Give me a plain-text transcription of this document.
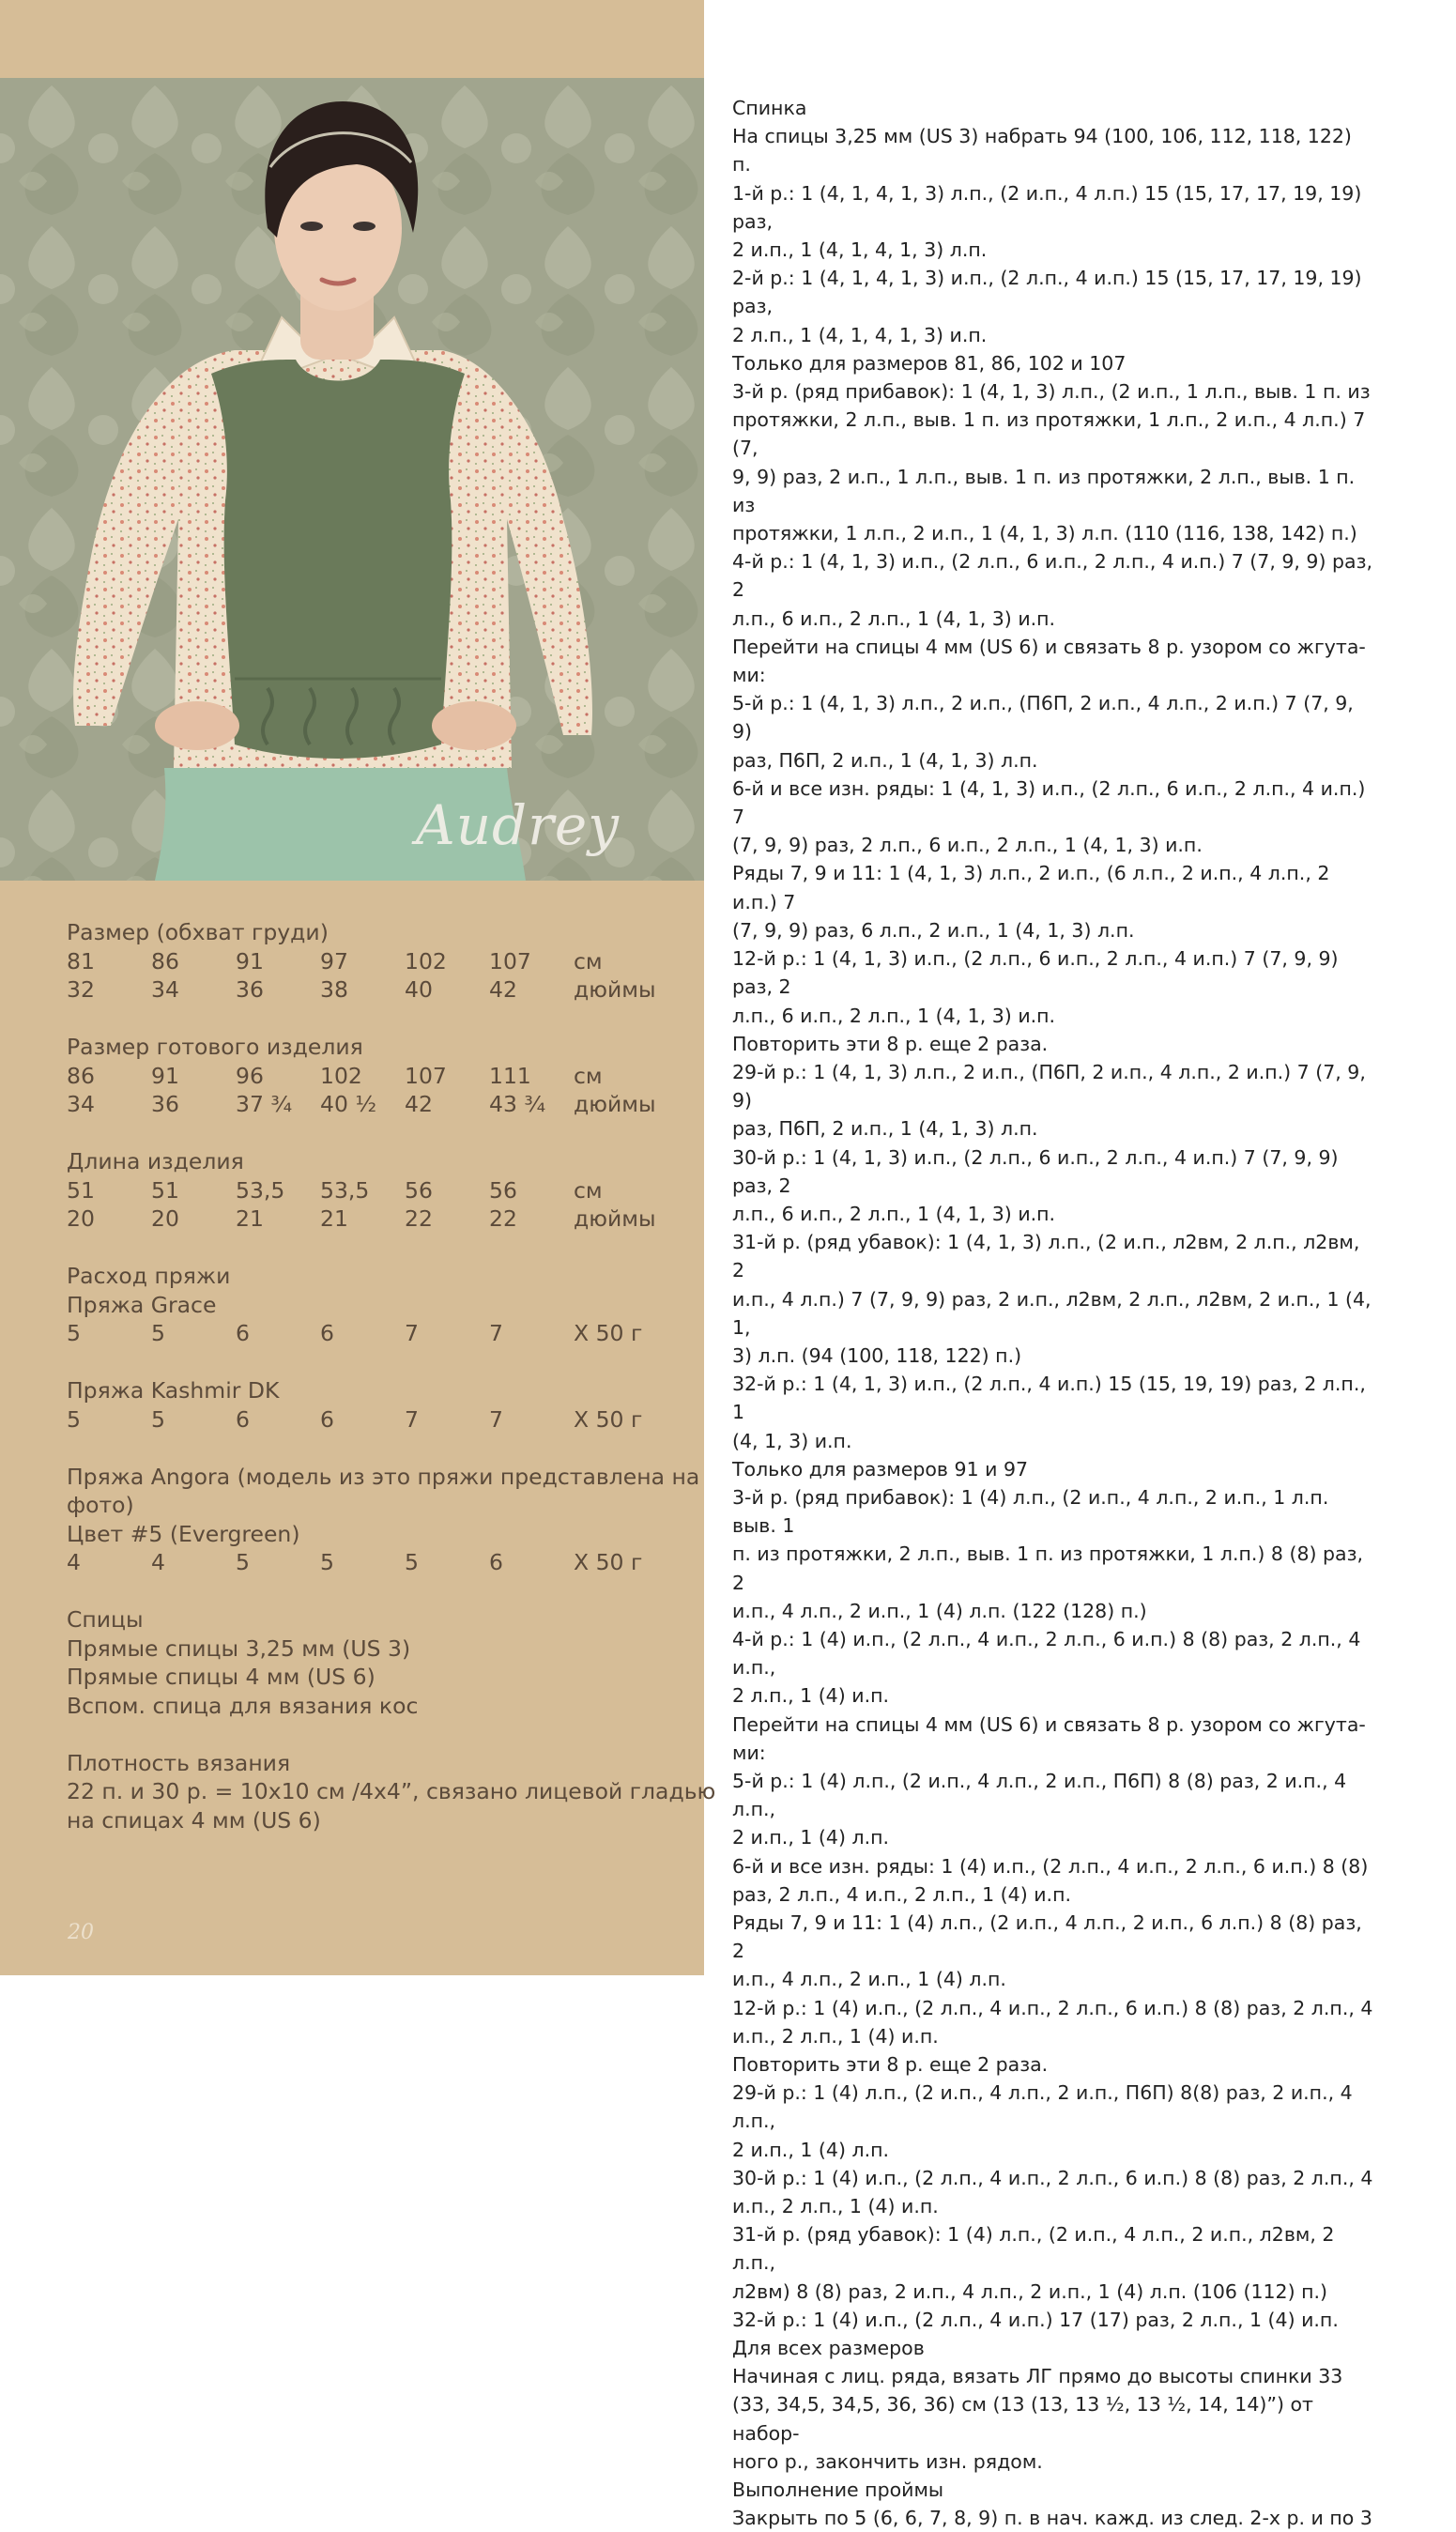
Audrey
Размер (обхват груди)
81	86	91	97	102 107 см
32	34	36	38	40	42	дюймы
Размер готового изделия
86	91	96	102 107 111 см
34	36	37 ¾ 40 ½ 42	43 ¾ дюймы
Длина изделия
51	51	53,5 53,5 56	56	см
20	20	21	21	22	22	дюймы
Расход пряжи
Пряжа Grace
5	5	6	6	7	7	X 50 г
Пряжа Kashmir DK
5	5	6	6	7	7	X 50 г
Пряжа Angora (модель из это пряжи представлена на
фото)
Цвет #5 (Evergreen)
4	4	5	5	5	6	X 50 г
Спицы
Прямые спицы 3,25 мм (US 3)
Прямые спицы 4 мм (US 6)
Вспом. спица для вязания кос
Плотность вязания
22 п. и 30 р. = 10x10 см /4x4”, связано лицевой гладью
на спицах 4 мм (US 6)
20

Спинка

На спицы 3,25 мм (US 3) набрать 94 (100, 106, 112, 118, 122) п.

1-й р.: 1 (4, 1, 4, 1, 3) л.п., (2 и.п., 4 л.п.) 15 (15, 17, 17, 19, 19) раз,

2 и.п., 1 (4, 1, 4, 1, 3) л.п.

2-й р.: 1 (4, 1, 4, 1, 3) и.п., (2 л.п., 4 и.п.) 15 (15, 17, 17, 19, 19) раз,

2 л.п., 1 (4, 1, 4, 1, 3) и.п.

Только для размеров 81, 86, 102 и 107

3-й р. (ряд прибавок): 1 (4, 1, 3) л.п., (2 и.п., 1 л.п., выв. 1 п. из

протяжки, 2 л.п., выв. 1 п. из протяжки, 1 л.п., 2 и.п., 4 л.п.) 7 (7,

9, 9) раз, 2 и.п., 1 л.п., выв. 1 п. из протяжки, 2 л.п., выв. 1 п. из

протяжки, 1 л.п., 2 и.п., 1 (4, 1, 3) л.п. (110 (116, 138, 142) п.)

4-й р.: 1 (4, 1, 3) и.п., (2 л.п., 6 и.п., 2 л.п., 4 и.п.) 7 (7, 9, 9) раз, 2

л.п., 6 и.п., 2 л.п., 1 (4, 1, 3) и.п.

Перейти на спицы 4 мм (US 6) и связать 8 р. узором со жгута-

ми:

5-й р.: 1 (4, 1, 3) л.п., 2 и.п., (П6П, 2 и.п., 4 л.п., 2 и.п.) 7 (7, 9, 9)

раз, П6П, 2 и.п., 1 (4, 1, 3) л.п.

6-й и все изн. ряды: 1 (4, 1, 3) и.п., (2 л.п., 6 и.п., 2 л.п., 4 и.п.) 7

(7, 9, 9) раз, 2 л.п., 6 и.п., 2 л.п., 1 (4, 1, 3) и.п.

Ряды 7, 9 и 11: 1 (4, 1, 3) л.п., 2 и.п., (6 л.п., 2 и.п., 4 л.п., 2 и.п.) 7

(7, 9, 9) раз, 6 л.п., 2 и.п., 1 (4, 1, 3) л.п.

12-й р.: 1 (4, 1, 3) и.п., (2 л.п., 6 и.п., 2 л.п., 4 и.п.) 7 (7, 9, 9) раз, 2

л.п., 6 и.п., 2 л.п., 1 (4, 1, 3) и.п.

Повторить эти 8 р. еще 2 раза.

29-й р.: 1 (4, 1, 3) л.п., 2 и.п., (П6П, 2 и.п., 4 л.п., 2 и.п.) 7 (7, 9, 9)

раз, П6П, 2 и.п., 1 (4, 1, 3) л.п.

30-й р.: 1 (4, 1, 3) и.п., (2 л.п., 6 и.п., 2 л.п., 4 и.п.) 7 (7, 9, 9) раз, 2

л.п., 6 и.п., 2 л.п., 1 (4, 1, 3) и.п.

31-й р. (ряд убавок): 1 (4, 1, 3) л.п., (2 и.п., л2вм, 2 л.п., л2вм, 2

и.п., 4 л.п.) 7 (7, 9, 9) раз, 2 и.п., л2вм, 2 л.п., л2вм, 2 и.п., 1 (4, 1,

3) л.п. (94 (100, 118, 122) п.)

32-й р.: 1 (4, 1, 3) и.п., (2 л.п., 4 и.п.) 15 (15, 19, 19) раз, 2 л.п., 1

(4, 1, 3) и.п.

Только для размеров 91 и 97

3-й р. (ряд прибавок): 1 (4) л.п., (2 и.п., 4 л.п., 2 и.п., 1 л.п. выв. 1

п. из протяжки, 2 л.п., выв. 1 п. из протяжки, 1 л.п.) 8 (8) раз, 2

и.п., 4 л.п., 2 и.п., 1 (4) л.п. (122 (128) п.)

4-й р.: 1 (4) и.п., (2 л.п., 4 и.п., 2 л.п., 6 и.п.) 8 (8) раз, 2 л.п., 4 и.п.,

2 л.п., 1 (4) и.п.

Перейти на спицы 4 мм (US 6) и связать 8 р. узором со жгута-

ми:

5-й р.: 1 (4) л.п., (2 и.п., 4 л.п., 2 и.п., П6П) 8 (8) раз, 2 и.п., 4 л.п.,

2 и.п., 1 (4) л.п.

6-й и все изн. ряды: 1 (4) и.п., (2 л.п., 4 и.п., 2 л.п., 6 и.п.) 8 (8)

раз, 2 л.п., 4 и.п., 2 л.п., 1 (4) и.п.

Ряды 7, 9 и 11: 1 (4) л.п., (2 и.п., 4 л.п., 2 и.п., 6 л.п.) 8 (8) раз, 2

и.п., 4 л.п., 2 и.п., 1 (4) л.п.

12-й р.: 1 (4) и.п., (2 л.п., 4 и.п., 2 л.п., 6 и.п.) 8 (8) раз, 2 л.п., 4

и.п., 2 л.п., 1 (4) и.п.

Повторить эти 8 р. еще 2 раза.

29-й р.: 1 (4) л.п., (2 и.п., 4 л.п., 2 и.п., П6П) 8(8) раз, 2 и.п., 4 л.п.,

2 и.п., 1 (4) л.п.

30-й р.: 1 (4) и.п., (2 л.п., 4 и.п., 2 л.п., 6 и.п.) 8 (8) раз, 2 л.п., 4

и.п., 2 л.п., 1 (4) и.п.

31-й р. (ряд убавок): 1 (4) л.п., (2 и.п., 4 л.п., 2 и.п., л2вм, 2 л.п.,

л2вм) 8 (8) раз, 2 и.п., 4 л.п., 2 и.п., 1 (4) л.п. (106 (112) п.)

32-й р.: 1 (4) и.п., (2 л.п., 4 и.п.) 17 (17) раз, 2 л.п., 1 (4) и.п.

Для всех размеров

Начиная с лиц. ряда, вязать ЛГ прямо до высоты спинки 33

(33, 34,5, 34,5, 36, 36) см (13 (13, 13 ½, 13 ½, 14, 14)”) от набор-

ного р., закончить изн. рядом.

Выполнение проймы

Закрыть по 5 (6, 6, 7, 8, 9) п. в нач. кажд. из след. 2-х р. и по 3
